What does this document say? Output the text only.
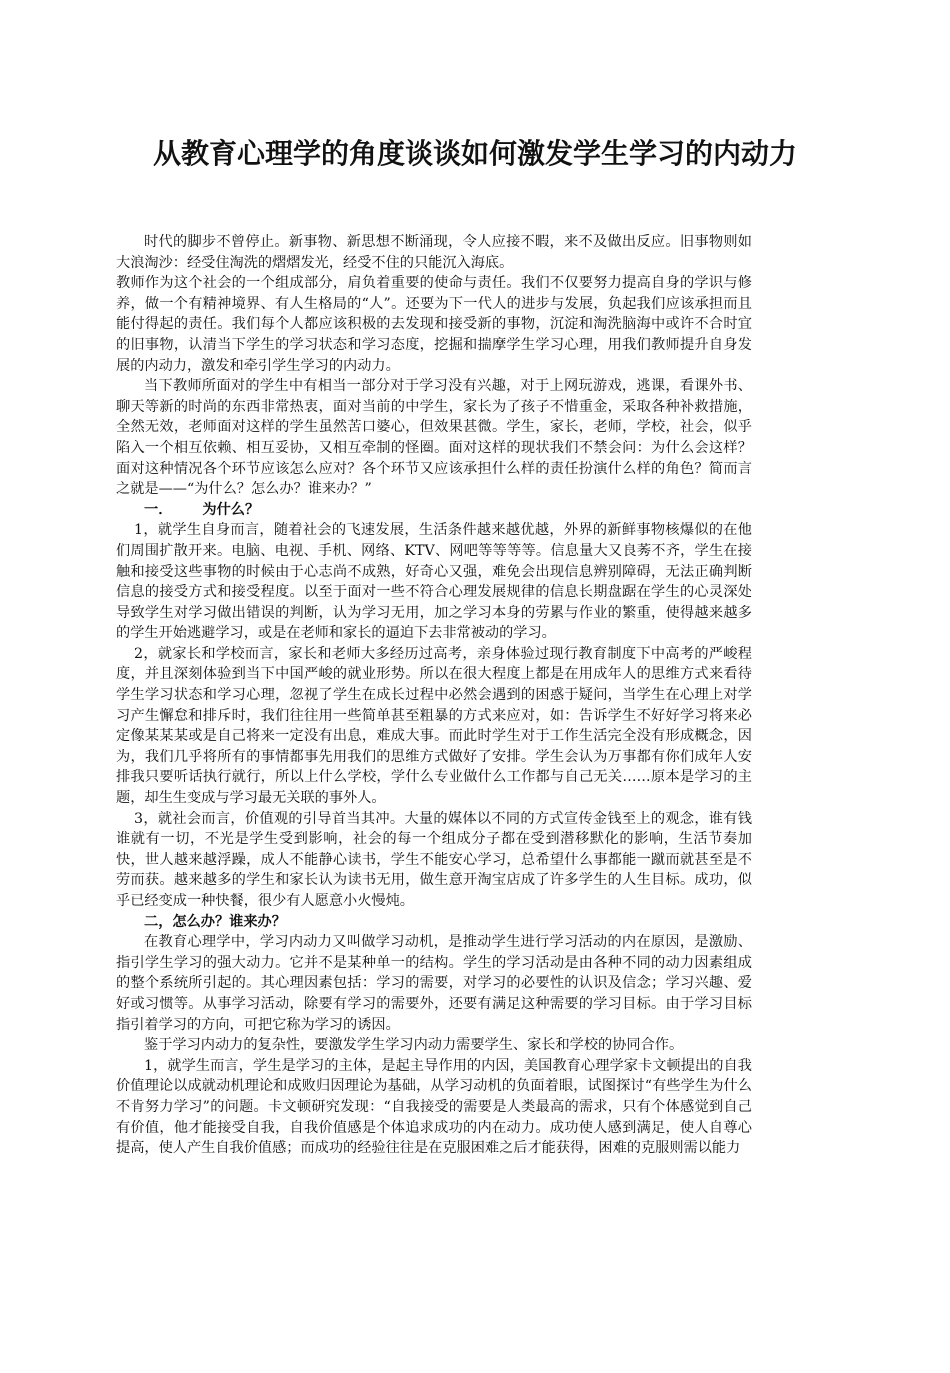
从教育心理学的角度谈谈如何激发学生学习的内动力

时代的脚步不曾停止。新事物、新思想不断涌现，令人应接不暇，来不及做出反应。旧事物则如大浪淘沙：经受住淘洗的熠熠发光，经受不住的只能沉入海底。

教师作为这个社会的一个组成部分，肩负着重要的使命与责任。我们不仅要努力提高自身的学识与修养，做一个有精神境界、有人生格局的“人”。还要为下一代人的进步与发展，负起我们应该承担而且能付得起的责任。我们每个人都应该积极的去发现和接受新的事物，沉淀和淘洗脑海中或许不合时宜的旧事物，认清当下学生的学习状态和学习态度，挖掘和揣摩学生学习心理，用我们教师提升自身发展的内动力，激发和牵引学生学习的内动力。

当下教师所面对的学生中有相当一部分对于学习没有兴趣，对于上网玩游戏，逃课，看课外书、聊天等新的时尚的东西非常热衷，面对当前的中学生，家长为了孩子不惜重金，采取各种补救措施，全然无效，老师面对这样的学生虽然苦口婆心，但效果甚微。学生，家长，老师，学校，社会，似乎陷入一个相互依赖、相互妥协，又相互牵制的怪圈。面对这样的现状我们不禁会问：为什么会这样？面对这种情况各个环节应该怎么应对？各个环节又应该承担什么样的责任扮演什么样的角色？简而言之就是——“为什么？怎么办？谁来办？”

一． 为什么？

1，就学生自身而言，随着社会的飞速发展，生活条件越来越优越，外界的新鲜事物核爆似的在他们周围扩散开来。电脑、电视、手机、网络、KTV、网吧等等等等。信息量大又良莠不齐，学生在接触和接受这些事物的时候由于心志尚不成熟，好奇心又强，难免会出现信息辨别障碍，无法正确判断信息的接受方式和接受程度。以至于面对一些不符合心理发展规律的信息长期盘踞在学生的心灵深处导致学生对学习做出错误的判断，认为学习无用，加之学习本身的劳累与作业的繁重，使得越来越多的学生开始逃避学习，或是在老师和家长的逼迫下去非常被动的学习。

2，就家长和学校而言，家长和老师大多经历过高考，亲身体验过现行教育制度下中高考的严峻程度，并且深刻体验到当下中国严峻的就业形势。所以在很大程度上都是在用成年人的思维方式来看待学生学习状态和学习心理，忽视了学生在成长过程中必然会遇到的困惑于疑问，当学生在心理上对学习产生懈怠和排斥时，我们往往用一些简单甚至粗暴的方式来应对，如：告诉学生不好好学习将来必定像某某某或是自己将来一定没有出息，难成大事。而此时学生对于工作生活完全没有形成概念，因为，我们几乎将所有的事情都事先用我们的思维方式做好了安排。学生会认为万事都有你们成年人安排我只要听话执行就行，所以上什么学校，学什么专业做什么工作都与自己无关……原本是学习的主题，却生生变成与学习最无关联的事外人。

3，就社会而言，价值观的引导首当其冲。大量的媒体以不同的方式宣传金钱至上的观念，谁有钱谁就有一切，不光是学生受到影响，社会的每一个组成分子都在受到潜移默化的影响，生活节奏加快，世人越来越浮躁，成人不能静心读书，学生不能安心学习，总希望什么事都能一蹴而就甚至是不劳而获。越来越多的学生和家长认为读书无用，做生意开淘宝店成了许多学生的人生目标。成功，似乎已经变成一种快餐，很少有人愿意小火慢炖。

二，怎么办？谁来办？

在教育心理学中，学习内动力又叫做学习动机，是推动学生进行学习活动的内在原因，是激励、指引学生学习的强大动力。它并不是某种单一的结构。学生的学习活动是由各种不同的动力因素组成的整个系统所引起的。其心理因素包括：学习的需要，对学习的必要性的认识及信念；学习兴趣、爱好或习惯等。从事学习活动，除要有学习的需要外，还要有满足这种需要的学习目标。由于学习目标指引着学习的方向，可把它称为学习的诱因。

鉴于学习内动力的复杂性，要激发学生学习内动力需要学生、家长和学校的协同合作。

1，就学生而言，学生是学习的主体，是起主导作用的内因，美国教育心理学家卡文顿提出的自我价值理论以成就动机理论和成败归因理论为基础，从学习动机的负面着眼，试图探讨“有些学生为什么不肯努力学习”的问题。卡文顿研究发现：“自我接受的需要是人类最高的需求，只有个体感觉到自己有价值，他才能接受自我，自我价值感是个体追求成功的内在动力。成功使人感到满足，使人自尊心提高，使人产生自我价值感；而成功的经验往往是在克服困难之后才能获得，困难的克服则需以能力
